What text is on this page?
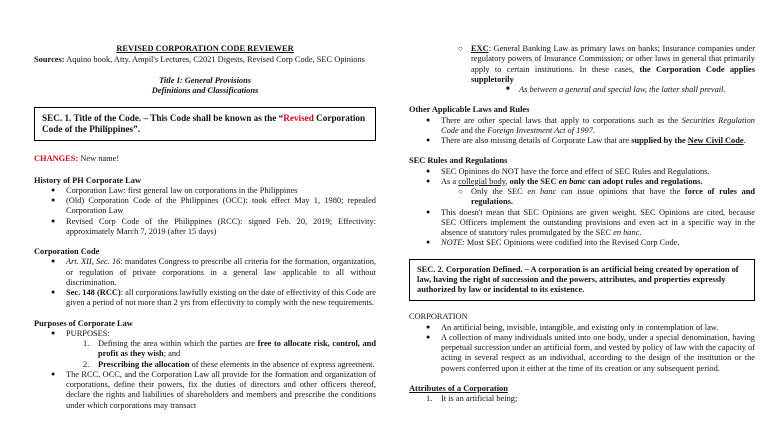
REVISED CORPORATION CODE REVIEWER
Sources: Aquino book, Atty. Ampil's Lectures, C2021 Digests, Revised Corp Code, SEC Opinions
Title I: General Provisions
Definitions and Classifications
SEC. 1. Title of the Code. – This Code shall be known as the “Revised Corporation Code of the Philippines”.
CHANGES: New name!
History of PH Corporate Law
● Corporation Law: first general law on corporations in the Philippines
● (Old) Corporation Code of the Philippines (OCC): took effect May 1, 1980; repealed Corporation Law
● Revised Corp Code of the Philippines (RCC): signed Feb. 20, 2019; Effectivity: approximately March 7, 2019 (after 15 days)
Corporation Code
● Art. XII, Sec. 16: mandates Congress to prescribe all criteria for the formation, organization, or regulation of private corporations in a general law applicable to all without discrimination.
● Sec. 148 (RCC): all corporations lawfully existing on the date of effectivity of this Code are given a period of not more than 2 yrs from effectivity to comply with the new requirements.
Purposes of Corporate Law
● PURPOSES:
1. Defining the area within which the parties are free to allocate risk, control, and profit as they wish; and
2. Prescribing the allocation of these elements in the absence of express agreement.
● The RCC, OCC, and the Corporation Law all provide for the formation and organization of corporations, define their powers, fix the duties of directors and other officers thereof, declare the rights and liabilities of shareholders and members and prescribe the conditions under which corporations may transact
○ EXC: General Banking Law as primary laws on banks; Insurance companies under regulatory powers of Insurance Commission; or other laws in general that primarily apply to certain institutions. In these cases, the Corporation Code applies suppletorily
■ As between a general and special law, the latter shall prevail.
Other Applicable Laws and Rules
● There are other special laws that apply to corporations such as the Securities Regulation Code and the Foreign Investment Act of 1997.
● There are also missing details of Corporate Law that are supplied by the New Civil Code.
SEC Rules and Regulations
● SEC Opinions do NOT have the force and effect of SEC Rules and Regulations.
● As a collegial body, only the SEC en banc can adopt rules and regulations.
○ Only the SEC en banc can issue opinions that have the force of rules and regulations.
● This doesn't mean that SEC Opinions are given weight. SEC Opinions are cited, because SEC Officers implement the outstanding provisions and even act in a specific way in the absence of statutory rules promulgated by the SEC en banc.
● NOTE: Most SEC Opinions were codified into the Revised Corp Code.
SEC. 2. Corporation Defined. – A corporation is an artificial being created by operation of law, having the right of succession and the powers, attributes, and properties expressly authorized by law or incidental to its existence.
CORPORATION
● An artificial being, invisible, intangible, and existing only in contemplation of law.
● A collection of many individuals united into one body, under a special denomination, having perpetual succession under an artificial form, and vested by policy of law with the capacity of acting in several respect as an individual, according to the design of the institution or the powers conferred upon it either at the time of its creation or any subsequent period.
Attributes of a Corporation
1. It is an artificial being;
